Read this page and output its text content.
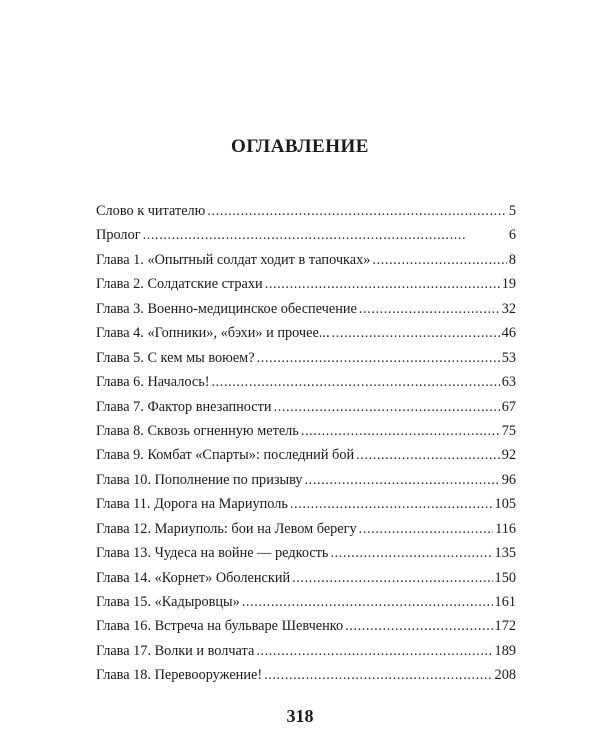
ОГЛАВЛЕНИЕ
Слово к читателю . . .	5
Пролог . . .	6
Глава 1. «Опытный солдат ходит в тапочках» . . .	8
Глава 2. Солдатские страхи . . .	19
Глава 3. Военно-медицинское обеспечение . . .	32
Глава 4. «Гопники», «бэхи» и прочее... . . .	46
Глава 5. С кем мы воюем? . . .	53
Глава 6. Началось! . . .	63
Глава 7. Фактор внезапности . . .	67
Глава 8. Сквозь огненную метель . . .	75
Глава 9. Комбат «Спарты»: последний бой . . .	92
Глава 10. Пополнение по призыву . . .	96
Глава 11. Дорога на Мариуполь . . .	105
Глава 12. Мариуполь: бои на Левом берегу . . .	116
Глава 13. Чудеса на войне — редкость . . .	135
Глава 14. «Корнет» Оболенский . . .	150
Глава 15. «Кадыровцы» . . .	161
Глава 16. Встреча на бульваре Шевченко . . .	172
Глава 17. Волки и волчата . . .	189
Глава 18. Перевооружение! . . .	208
318
